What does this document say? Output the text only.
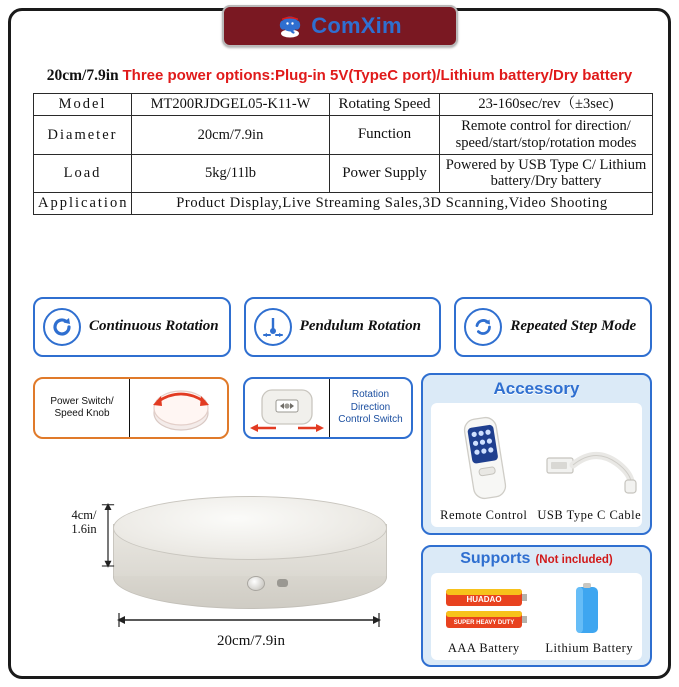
ComXim
20cm/7.9in Three power options:Plug-in 5V(TypeC port)/Lithium battery/Dry battery
Model	MT200RJDGEL05-K11-W	Rotating Speed	23-160sec/rev（±3sec)
Diameter	20cm/7.9in	Function	Remote control for direction/ speed/start/stop/rotation modes
Load	5kg/11lb	Power Supply	Powered by USB Type C/ Lithium battery/Dry battery
Application	Product Display,Live Streaming Sales,3D Scanning,Video Shooting		
Continuous Rotation	Pendulum Rotation	Repeated Step Mode
Power Switch/ Speed Knob
Rotation Direction Control Switch
Accessory
Remote Control USB Type C Cable
Supports (Not included)
HUADAO
SUPER HEAVY DUTY
AAA Battery Lithium Battery
4cm/ 1.6in
20cm/7.9in
